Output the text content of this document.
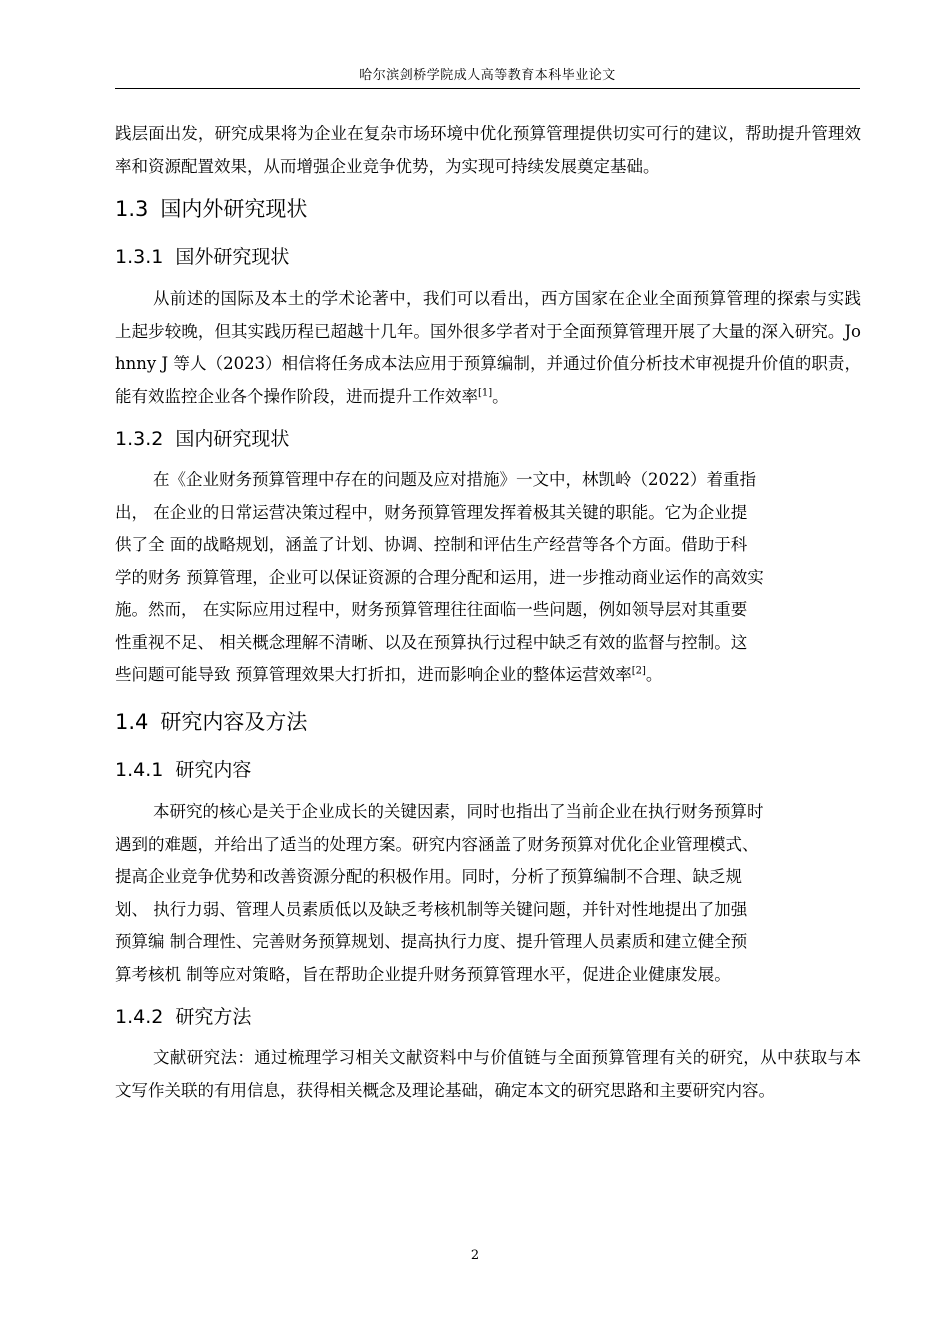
哈尔滨剑桥学院成人高等教育本科毕业论文

践层面出发，研究成果将为企业在复杂市场环境中优化预算管理提供切实可行的建议，帮助提升管理效率和资源配置效果，从而增强企业竞争优势，为实现可持续发展奠定基础。

1.3 国内外研究现状
1.3.1 国外研究现状

从前述的国际及本土的学术论著中，我们可以看出，西方国家在企业全面预算管理的探索与实践上起步较晚，但其实践历程已超越十几年。国外很多学者对于全面预算管理开展了大量的深入研究。Johnny J 等人（2023）相信将任务成本法应用于预算编制，并通过价值分析技术审视提升价值的职责，能有效监控企业各个操作阶段，进而提升工作效率[1]。

1.3.2 国内研究现状
在《企业财务预算管理中存在的问题及应对措施》一文中，林凯岭（2022）着重指
出， 在企业的日常运营决策过程中，财务预算管理发挥着极其关键的职能。它为企业提
供了全 面的战略规划，涵盖了计划、协调、控制和评估生产经营等各个方面。借助于科
学的财务 预算管理，企业可以保证资源的合理分配和运用，进一步推动商业运作的高效实
施。然而， 在实际应用过程中，财务预算管理往往面临一些问题，例如领导层对其重要
性重视不足、 相关概念理解不清晰、以及在预算执行过程中缺乏有效的监督与控制。这
些问题可能导致 预算管理效果大打折扣，进而影响企业的整体运营效率[2]。
1.4 研究内容及方法
1.4.1 研究内容
本研究的核心是关于企业成长的关键因素，同时也指出了当前企业在执行财务预算时
遇到的难题，并给出了适当的处理方案。研究内容涵盖了财务预算对优化企业管理模式、
提高企业竞争优势和改善资源分配的积极作用。同时，分析了预算编制不合理、缺乏规
划、 执行力弱、管理人员素质低以及缺乏考核机制等关键问题，并针对性地提出了加强
预算编 制合理性、完善财务预算规划、提高执行力度、提升管理人员素质和建立健全预
算考核机 制等应对策略，旨在帮助企业提升财务预算管理水平，促进企业健康发展。
1.4.2 研究方法

文献研究法：通过梳理学习相关文献资料中与价值链与全面预算管理有关的研究，从中获取与本文写作关联的有用信息，获得相关概念及理论基础，确定本文的研究思路和主要研究内容。

2
